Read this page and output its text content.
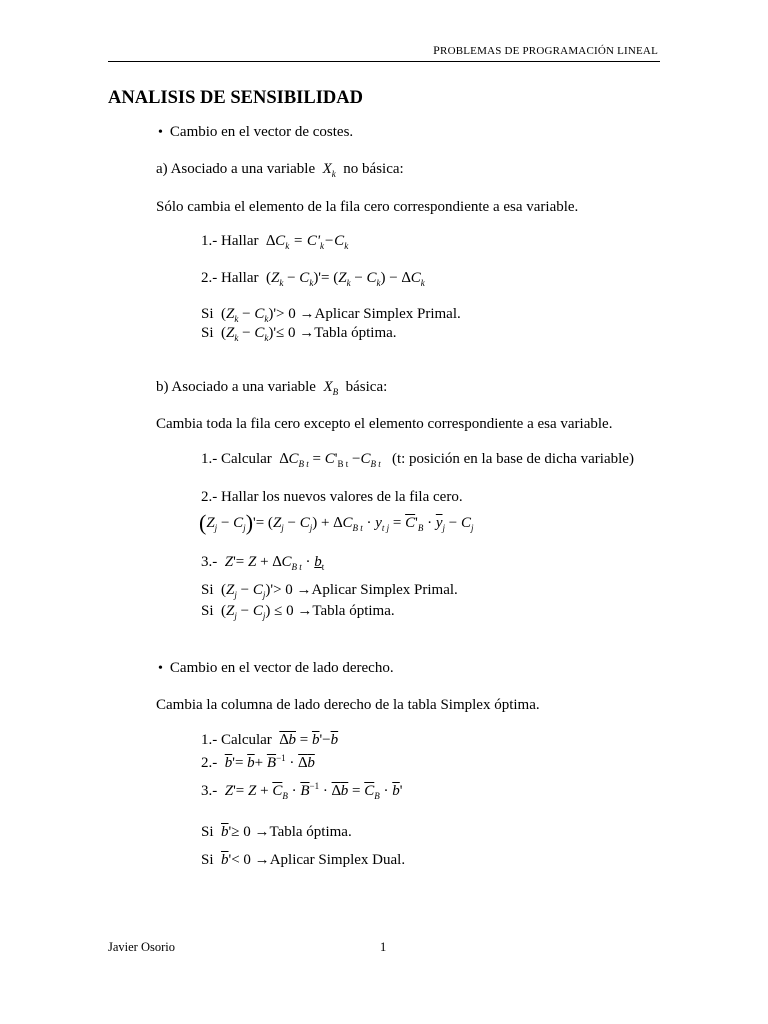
PROBLEMAS DE PROGRAMACIÓN LINEAL
ANALISIS DE SENSIBILIDAD
•  Cambio en el vector de costes.
a) Asociado a una variable $X_k$ no básica:
Sólo cambia el elemento de la fila cero correspondiente a esa variable.
1.- Hallar $\Delta C_k = C'_k-C_k$
2.- Hallar $(Z_k - C_k)'= (Z_k - C_k) - \Delta C_k$
Si  $(Z_k - C_k)'> 0$ →Aplicar Simplex Primal.
Si  $(Z_k - C_k)'\le 0$ →Tabla óptima.
b) Asociado a una variable $X_B$ básica:
Cambia toda la fila cero excepto el elemento correspondiente a esa variable.
1.- Calcular  $\Delta C_{B t} = C'_{B t} -C_{B t}$ (t: posición en la base de dicha variable)
2.- Hallar los nuevos valores de la fila cero.
$(Z_j - C_j)'= (Z_j - C_j) + \Delta C_{B t} \cdot y_{t j} = \overline{C}'_B \cdot \overline{y}_j - C_j$
3.- $Z'= Z + \Delta C_{B t} \cdot b_t$
Si  $(Z_j - C_j)'> 0$ →Aplicar Simplex Primal.
Si  $(Z_j - C_j) \le 0$ →Tabla óptima.
•  Cambio en el vector de lado derecho.
Cambia la columna de lado derecho de la tabla Simplex óptima.
1.- Calcular $\Delta b = \overline{b}'-\overline{b}$
2.- $\overline{b}'= \overline{b}+ \overline{B}^{-1} \cdot \Delta b$
3.- $Z'= Z + \overline{C}_B \cdot \overline{B}^{-1} \cdot \Delta b = \overline{C}_B \cdot \overline{b}'$
Si $\overline{b}'\ge 0$ →Tabla óptima.
Si $\overline{b}'< 0$ →Aplicar Simplex Dual.
Javier Osorio	1
